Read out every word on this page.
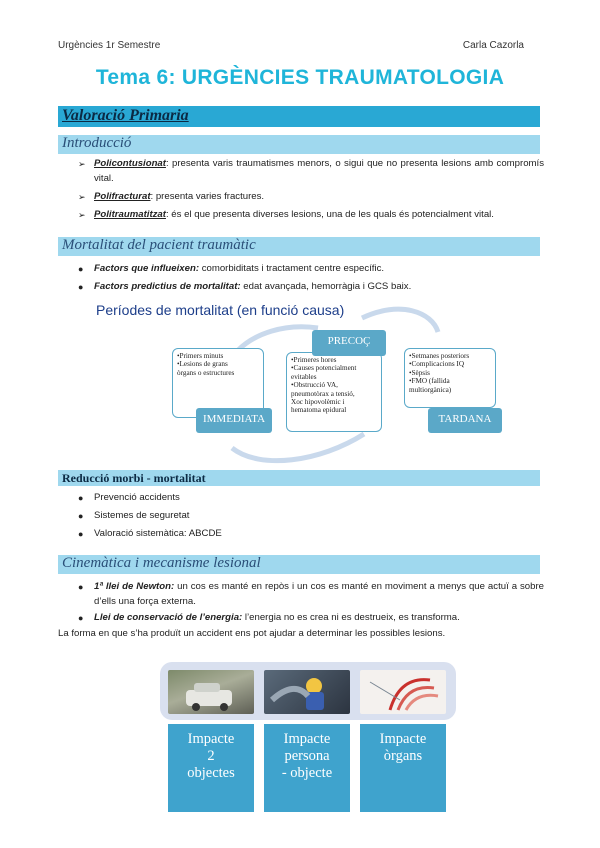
Urgències 1r Semestre	Carla Cazorla
Tema 6: URGÈNCIES TRAUMATOLOGIA
Valoració Primaria
Introducció
➢ Policontusionat: presenta varis traumatismes menors, o sigui que no presenta lesions amb compromís vital.
➢ Polifracturat: presenta varies fractures.
➢ Politraumatitzat: és el que presenta diverses lesions, una de les quals és potencialment vital.
Mortalitat del pacient traumàtic
●	Factors que influeixen: comorbiditats i tractament centre específic.
●	Factors predictius de mortalitat: edat avançada, hemorràgia i GCS baix.
Períodes de mortalitat (en funció causa)
•Primers minuts
•Lesions de grans
òrgans o estructures
IMMEDIATA
•Primeres hores
•Causes potencialment
evitables
•Obstrucció VA,
pneumotòrax a tensió,
Xoc hipovolèmic i
hematoma epidural
PRECOÇ
•Setmanes posteriors
•Complicacions IQ
•Sèpsis
•FMO (fallida
multiorgànica)
TARDANA
Reducció morbi - mortalitat
●	Prevenció accidents
●	Sistemes de seguretat
●	Valoració sistemàtica: ABCDE
Cinemàtica i mecanisme lesional
●	1ª llei de Newton: un cos es manté en repòs i un cos es manté en moviment a menys que actuï a sobre d’ells una força externa.
●	Llei de conservació de l’energia: l’energia no es crea ni es destrueix, es transforma.
La forma en que s’ha produït un accident ens pot ajudar a determinar les possibles lesions.
Impacte
2
objectes
Impacte
persona
- objecte
Impacte
òrgans
